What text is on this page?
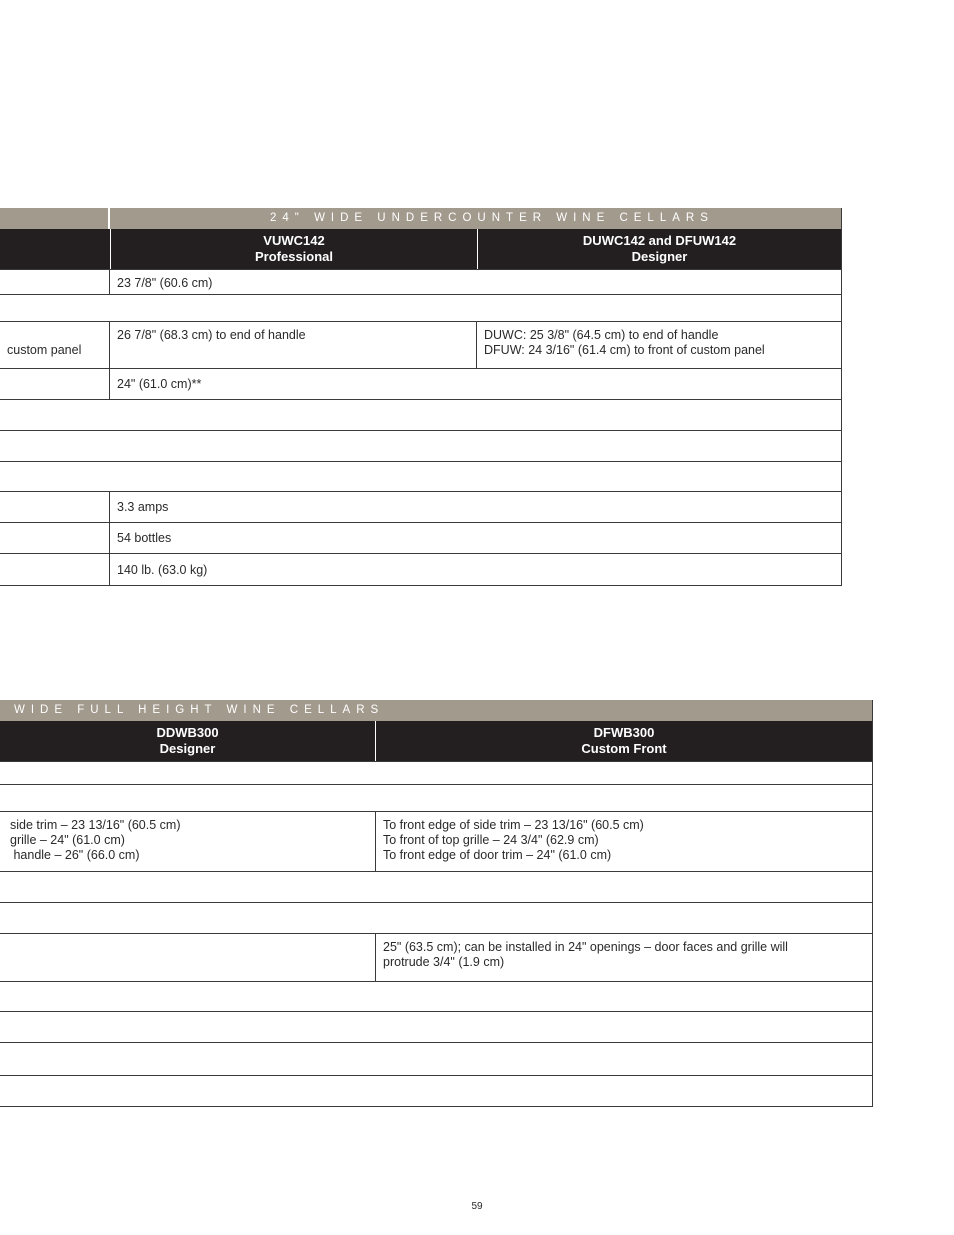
24" WIDE UNDERCOUNTER WINE CELLARS
VUWC142
Professional
DUWC142 and DFUW142
Designer
23 7/8" (60.6 cm)
custom panel
26 7/8" (68.3 cm) to end of handle	DUWC: 25 3/8" (64.5 cm) to end of handle
DFUW: 24 3/16" (61.4 cm) to front of custom panel
24" (61.0 cm)**
3.3 amps
54 bottles
140 lb. (63.0 kg)
WIDE FULL HEIGHT WINE CELLARS
DDWB300
Designer
DFWB300
Custom Front
side trim – 23 13/16" (60.5 cm)
grille – 24" (61.0 cm)
handle – 26" (66.0 cm)
To front edge of side trim – 23 13/16" (60.5 cm)
To front of top grille – 24 3/4" (62.9 cm)
To front edge of door trim – 24" (61.0 cm)
25" (63.5 cm); can be installed in 24" openings – door faces and grille will protrude 3/4" (1.9 cm)
59
